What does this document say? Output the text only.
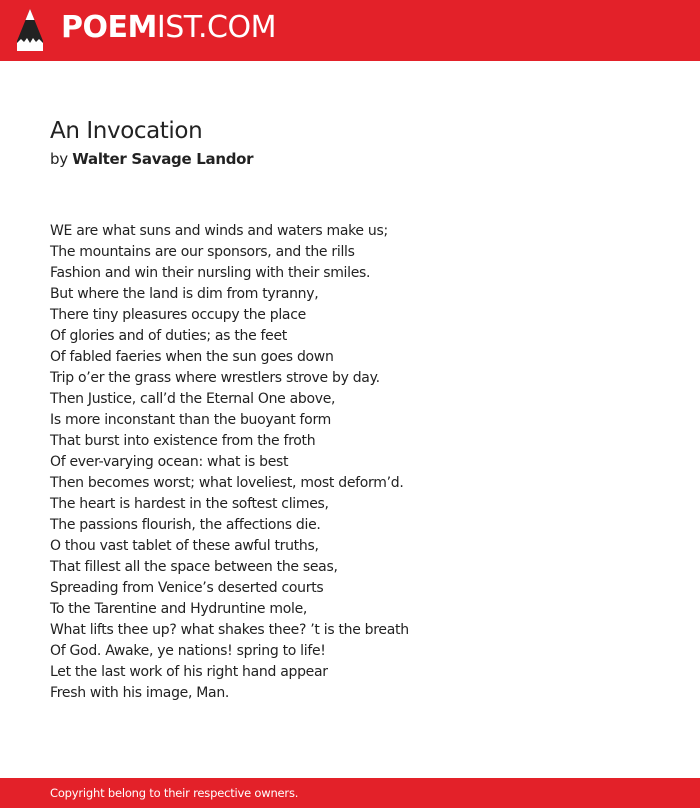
POEMIST.COM
An Invocation
by Walter Savage Landor
WE are what suns and winds and waters make us;
The mountains are our sponsors, and the rills
Fashion and win their nursling with their smiles.
But where the land is dim from tyranny,
There tiny pleasures occupy the place
Of glories and of duties; as the feet
Of fabled faeries when the sun goes down
Trip o’er the grass where wrestlers strove by day.
Then Justice, call’d the Eternal One above,
Is more inconstant than the buoyant form
That burst into existence from the froth
Of ever-varying ocean: what is best
Then becomes worst; what loveliest, most deform’d.
The heart is hardest in the softest climes,
The passions flourish, the affections die.
O thou vast tablet of these awful truths,
That fillest all the space between the seas,
Spreading from Venice’s deserted courts
To the Tarentine and Hydruntine mole,
What lifts thee up? what shakes thee? ’t is the breath
Of God. Awake, ye nations! spring to life!
Let the last work of his right hand appear
Fresh with his image, Man.
Copyright belong to their respective owners.
